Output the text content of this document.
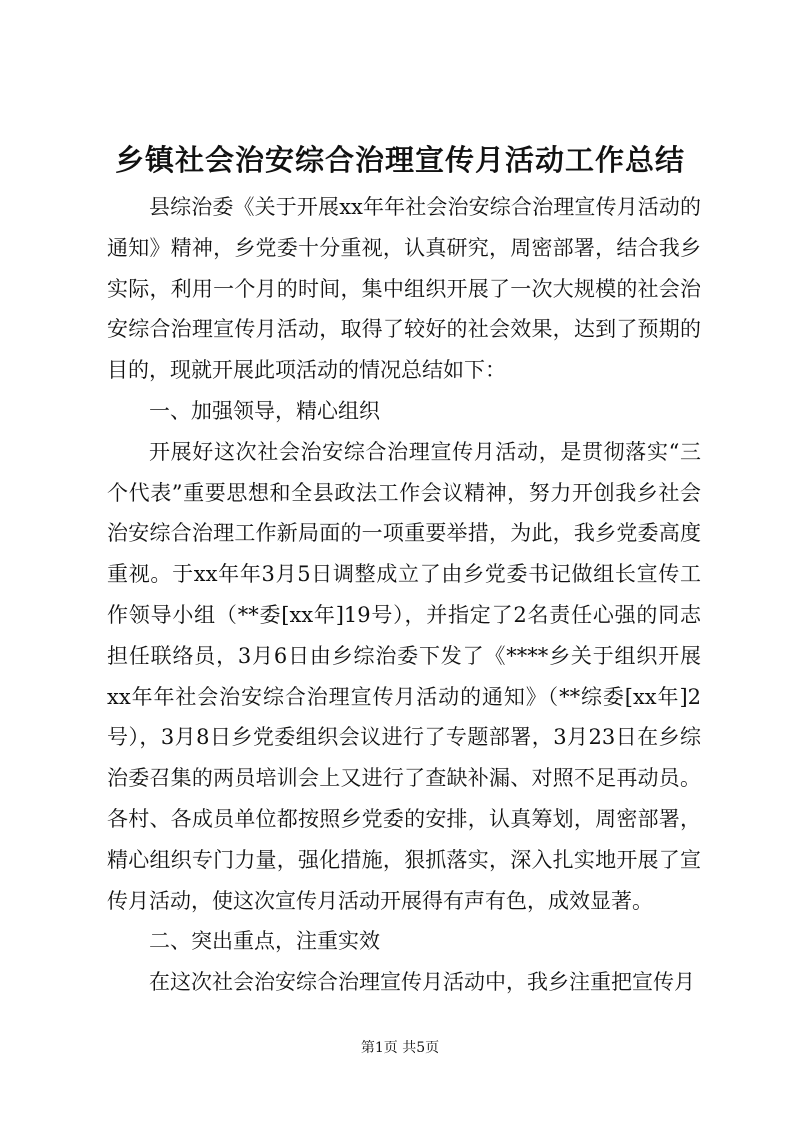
乡镇社会治安综合治理宣传月活动工作总结

县综治委《关于开展xx年年社会治安综合治理宣传月活动的通知》精神，乡党委十分重视，认真研究，周密部署，结合我乡实际，利用一个月的时间，集中组织开展了一次大规模的社会治安综合治理宣传月活动，取得了较好的社会效果，达到了预期的目的，现就开展此项活动的情况总结如下：

一、加强领导，精心组织

开展好这次社会治安综合治理宣传月活动，是贯彻落实“三个代表”重要思想和全县政法工作会议精神，努力开创我乡社会治安综合治理工作新局面的一项重要举措，为此，我乡党委高度重视。于xx年年3月5日调整成立了由乡党委书记做组长宣传工作领导小组（**委[xx年]19号），并指定了2名责任心强的同志担任联络员，3月6日由乡综治委下发了《****乡关于组织开展xx年年社会治安综合治理宣传月活动的通知》（**综委[xx年]2号），3月8日乡党委组织会议进行了专题部署，3月23日在乡综治委召集的两员培训会上又进行了查缺补漏、对照不足再动员。各村、各成员单位都按照乡党委的安排，认真筹划，周密部署，精心组织专门力量，强化措施，狠抓落实，深入扎实地开展了宣传月活动，使这次宣传月活动开展得有声有色，成效显著。

二、突出重点，注重实效

在这次社会治安综合治理宣传月活动中，我乡注重把宣传月

第1页 共5页
